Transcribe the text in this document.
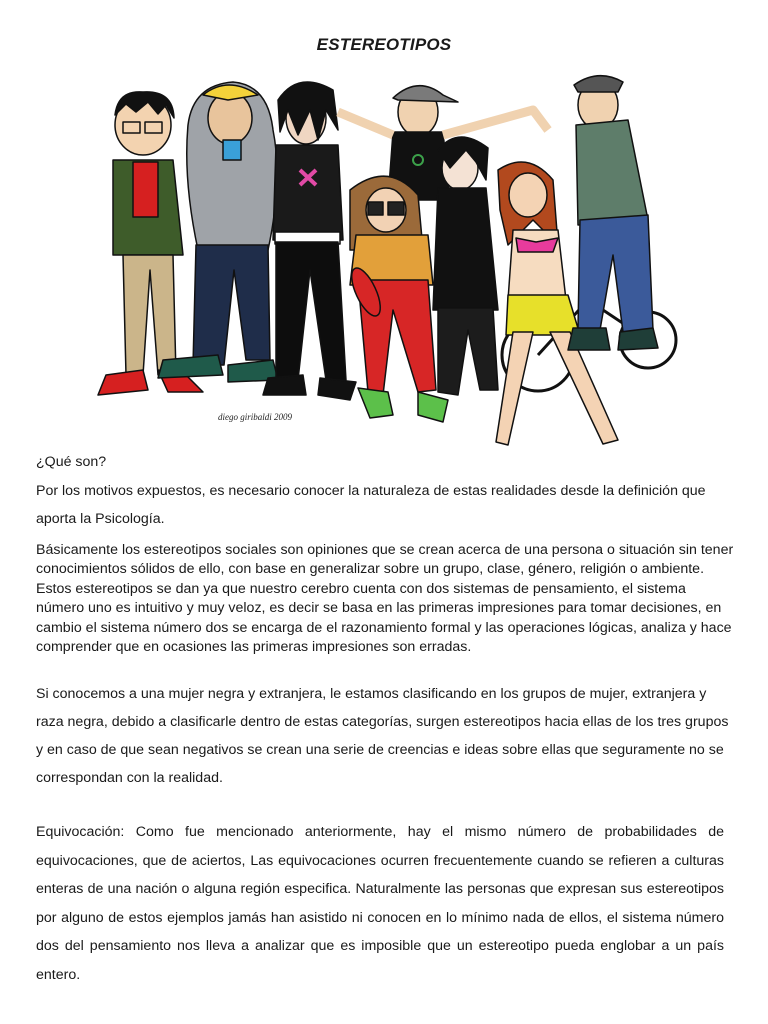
ESTEREOTIPOS
diego giribaldi 2009
¿Qué son?

Por los motivos expuestos, es necesario conocer la naturaleza de estas realidades desde la definición que aporta la Psicología.

Básicamente los estereotipos sociales son opiniones que se crean acerca de una persona o situación sin tener conocimientos sólidos de ello, con base en generalizar sobre un grupo, clase, género, religión o ambiente. Estos estereotipos se dan ya que nuestro cerebro cuenta con dos sistemas de pensamiento, el sistema número uno es intuitivo y muy veloz, es decir se basa en las primeras impresiones para tomar decisiones, en cambio el sistema número dos se encarga de el razonamiento formal y las operaciones lógicas, analiza y hace comprender que en ocasiones las primeras impresiones son erradas.

Si conocemos a una mujer negra y extranjera, le estamos clasificando en los grupos de mujer, extranjera y raza negra, debido a clasificarle dentro de estas categorías, surgen estereotipos hacia ellas de los tres grupos y en caso de que sean negativos se crean una serie de creencias e ideas sobre ellas que seguramente no se correspondan con la realidad.

Equivocación: Como fue mencionado anteriormente, hay el mismo número de probabilidades de equivocaciones, que de aciertos, Las equivocaciones ocurren frecuentemente cuando se refieren a culturas enteras de una nación o alguna región especifica. Naturalmente las personas que expresan sus estereotipos por alguno de estos ejemplos jamás han asistido ni conocen en lo mínimo nada de ellos, el sistema número dos del pensamiento nos lleva a analizar que es imposible que un estereotipo pueda englobar a un país entero.
